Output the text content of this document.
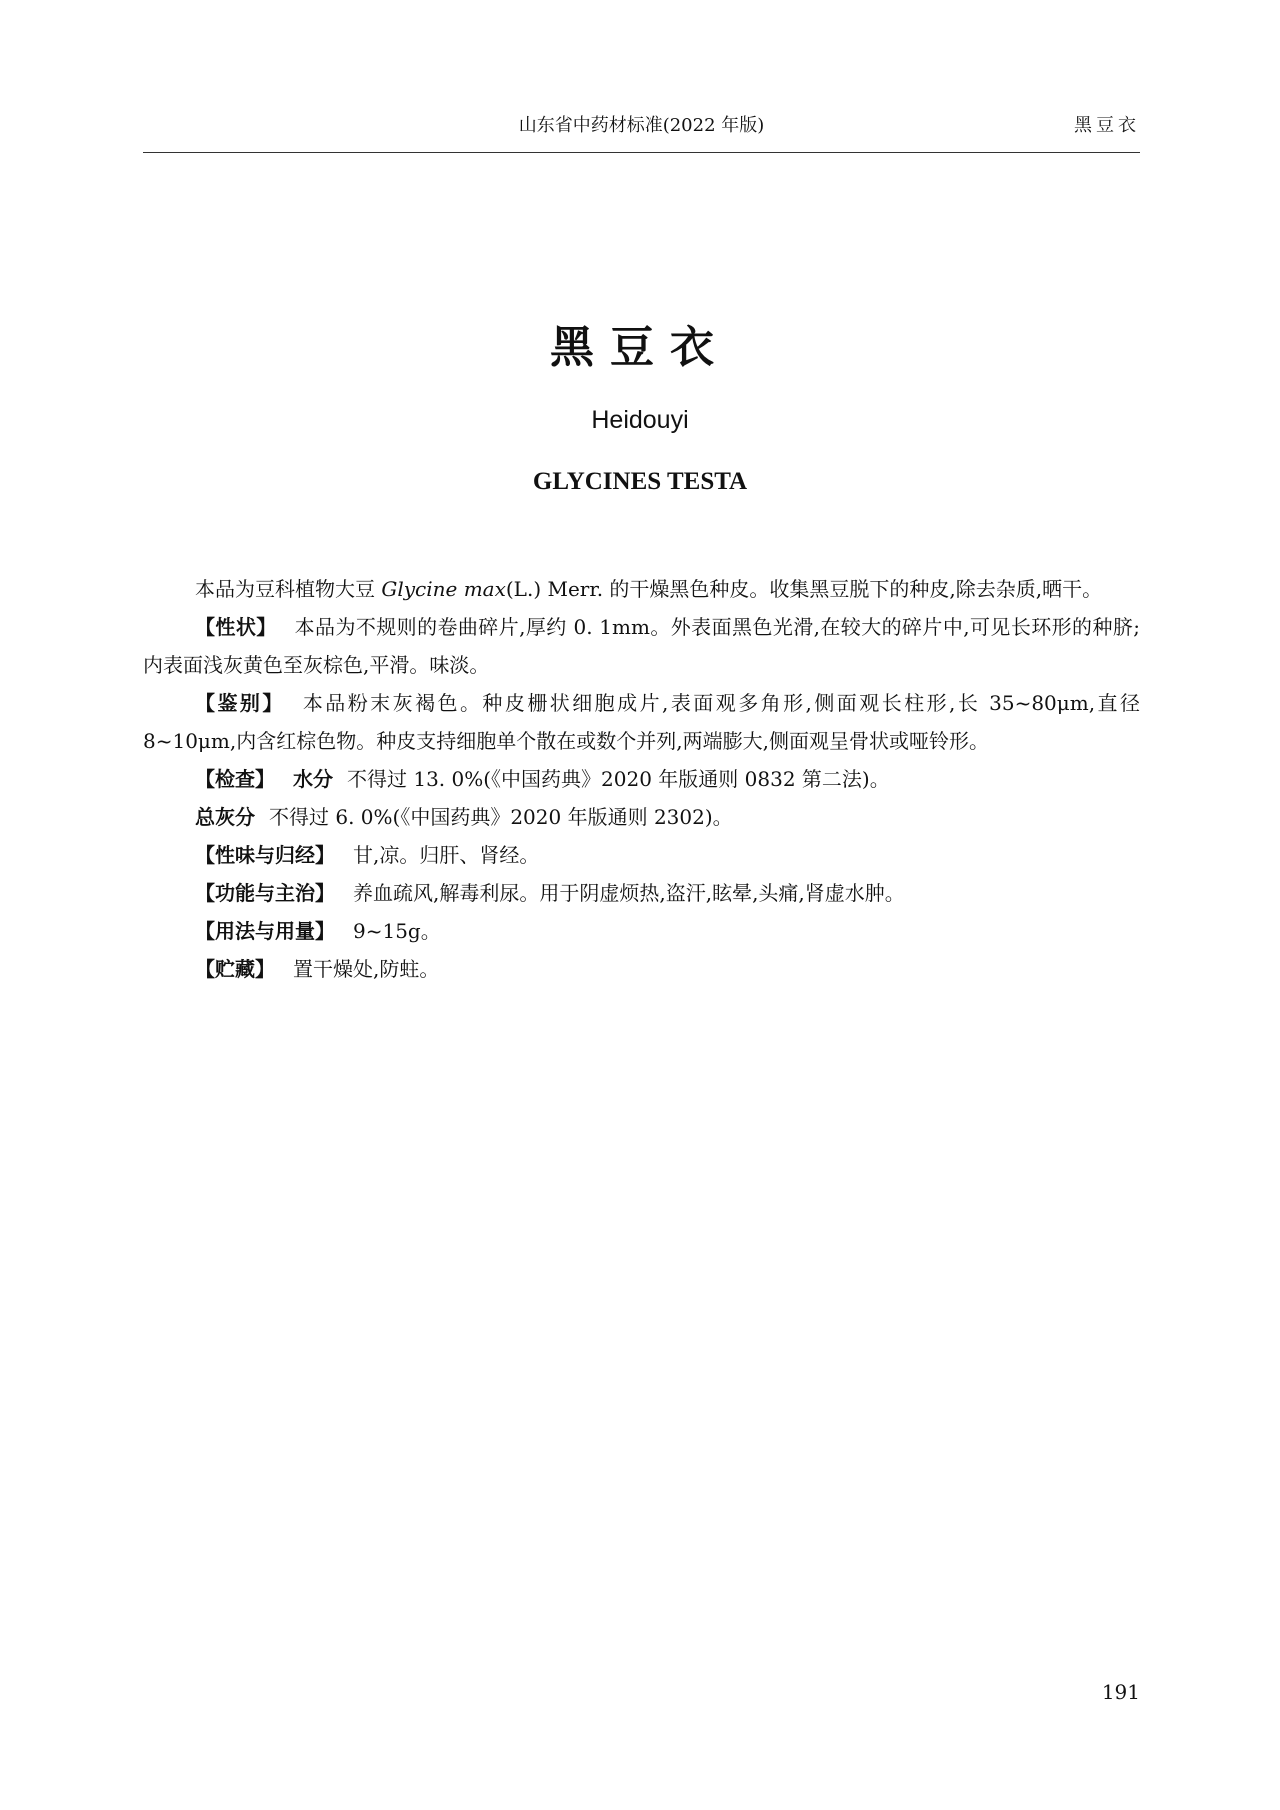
山东省中药材标准(2022 年版)	黑豆衣
黑豆衣
Heidouyi
GLYCINES TESTA

本品为豆科植物大豆 Glycine max(L.) Merr. 的干燥黑色种皮。收集黑豆脱下的种皮,除去杂质,晒干。

【性状】 本品为不规则的卷曲碎片,厚约 0. 1mm。外表面黑色光滑,在较大的碎片中,可见长环形的种脐;内表面浅灰黄色至灰棕色,平滑。味淡。

【鉴别】 本品粉末灰褐色。种皮栅状细胞成片,表面观多角形,侧面观长柱形,长 35~80μm,直径 8~10μm,内含红棕色物。种皮支持细胞单个散在或数个并列,两端膨大,侧面观呈骨状或哑铃形。

【检查】 水分 不得过 13. 0%(《中国药典》2020 年版通则 0832 第二法)。

总灰分 不得过 6. 0%(《中国药典》2020 年版通则 2302)。

【性味与归经】 甘,凉。归肝、肾经。

【功能与主治】 养血疏风,解毒利尿。用于阴虚烦热,盗汗,眩晕,头痛,肾虚水肿。

【用法与用量】 9~15g。

【贮藏】 置干燥处,防蛀。

191
